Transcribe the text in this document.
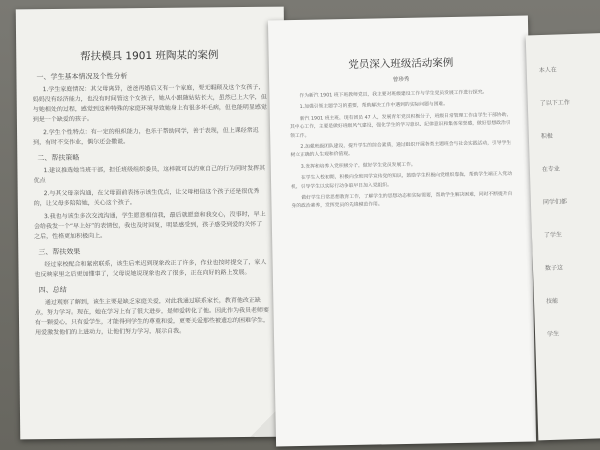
帮扶模具 1901 班陶某的案例
一、学生基本情况及个性分析
1.学生家庭情况：其父母离异，爸爸再婚后又有一个家庭，要无暇顾及这个女孩子，妈妈没有经济能力，也没有时间管这个女孩子，她从小跟随姑姑长大，虽然已上大学，但与她相处的过程，感觉到这种特殊的家庭环境导致她身上有很多坏毛病，但也能明显感觉到是一个缺爱的孩子。
2.学生个性特点：有一定的组织能力，也乐于帮助同学，善于表现，但上课经常迟到，有时不交作业，偶尔还会撒谎。
二、帮扶策略
1.建议推选她当班干部，担任班级组织委员，这样就可以约束自己的行为同时发挥其优点
2.与其父母亲沟通，在父母面前表扬示该生优点，让父母相信这个孩子还是很优秀的，让父母多陪陪她，关心这个孩子。
3.我也与该生多次交流沟通，学生愿意相信我，最后就愿意和我交心，没事时，早上会给我发一个“早上好”的表情包，我也及时回复，明显感受到，孩子感受到爱的关怀了之后，性格更加积极向上。
三、帮扶效果
经过家校配合和紧密联系，该生后来迟到现象改正了许多，作业也按时提交了，家人也反映家里之后更加懂事了，父母说她说现象也改了很多，正在向好的路上发展。
四、总结
通过观察了解到，该生主要是缺乏家庭关爱，对此我通过联系家长，教育他改正缺点，努力学习。现在，她在学习上有了很大进步，是师爱转化了他。因此作为我员老师要有一颗爱心，只有爱学生，才能得到学生的尊重和爱，更要关爱那些被遗忘的困难学生，用爱激发他们的上进动力，让他们努力学习，展示自我。
党员深入班级活动案例
曾珍秀
作为新汽 1901 班下班教师党员，我主要对班级建设工作与学生党员发展工作进行探究。
1.加强引领主题学习的重要，帮助解决工作中遇到的实际问题与困难。
新汽 1901 班主班，现有团员 47 人，发展青年党员积极分子，班级日常管理工作由学生干部协助，其中心工作，主要是做好班级风气建设，强化学生的学习意识、纪律意识和集体荣誉感，做好思想政治引领工作。
2.加强班级团队建设，提升学生的综合素质，通过组织开展各类主题班会与社会实践活动，引导学生树立正确的人生观和价值观。
3.发挥和培养入党积极分子，做好学生党员发展工作。
在学生入校初期，积极向全班同学宣传党的知识，鼓励学生积极向党组织靠拢，帮助学生端正入党动机，引导学生以实际行动争取早日加入党组织。
做好学生日常思想教育工作，了解学生的思想动态和实际需要，帮助学生解决困难，同时不断提升自身的政治素养，发挥党员的先锋模范作用。
本人在
了以下工作
积极
在专业
同学们都
了学生
数子这
技能
学生
